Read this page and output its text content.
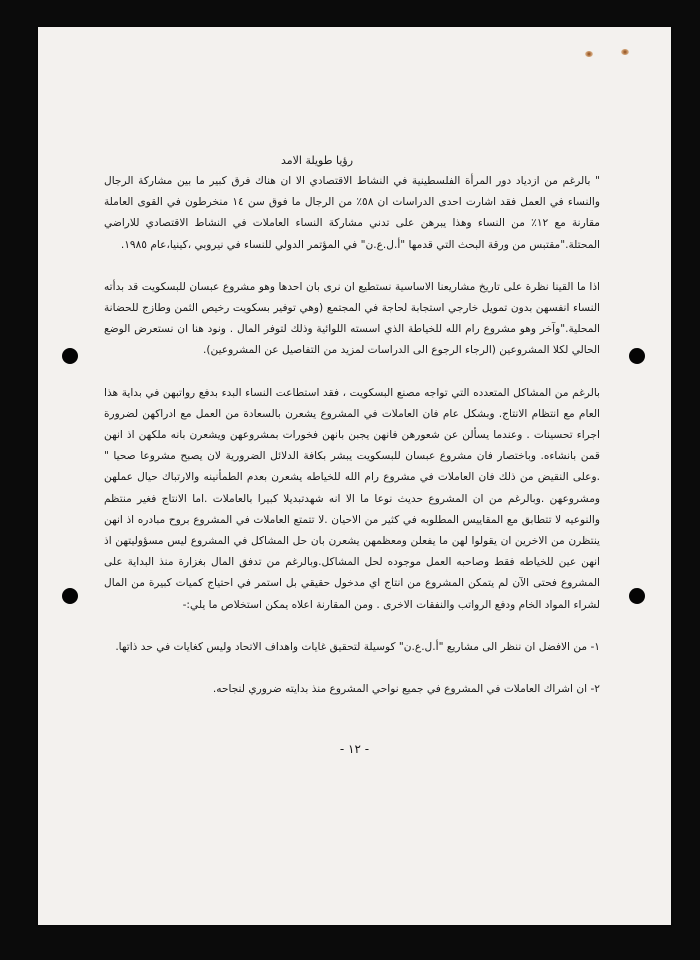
رؤيا طويلة الامد

" بالرغم من ازدياد دور المرأة الفلسطينية في النشاط الاقتصادي الا ان هناك فرق كبير ما بين مشاركة الرجال والنساء في العمل فقد اشارت احدى الدراسات ان ٥٨٪ من الرجال ما فوق سن ١٤ منخرطون في القوى العاملة مقارنة مع ١٢٪ من النساء وهذا يبرهن على تدني مشاركة النساء العاملات في النشاط الاقتصادي للاراضي المحتلة."مقتبس من ورقة البحث التي قدمها "أ.ل.ع.ن" في المؤتمر الدولي للنساء في نيروبي ،كينيا،عام ١٩٨٥.

اذا ما القينا نظرة على تاريخ مشاريعنا الاساسية نستطيع ان نرى بان احدها وهو مشروع عبسان للبسكويت قد بدأته النساء انفسهن بدون تمويل خارجي استجابة لحاجة في المجتمع (وهي توفير بسكويت رخيص الثمن وطازج للحضانة المحلية."وآخر وهو مشروع رام الله للخياطة الذي اسسته اللوائية وذلك لتوفر المال . ونود هنا ان نستعرض الوضع الحالي لكلا المشروعين (الرجاء الرجوع الى الدراسات لمزيد من التفاصيل عن المشروعين).

بالرغم من المشاكل المتعدده التي تواجه مصنع البسكويت ، فقد استطاعت النساء البدء بدفع رواتبهن في بداية هذا العام مع انتظام الانتاج. وبشكل عام فان العاملات في المشروع يشعرن بالسعادة من العمل مع ادراكهن لضرورة اجراء تحسينات . وعندما يسألن عن شعورهن فانهن يجبن بانهن فخورات بمشروعهن ويشعرن بانه ملكهن اذ انهن قمن بانشاءه. وباختصار فان مشروع عبسان للبسكويت يبشر بكافة الدلائل الضرورية لان يصبح مشروعا صحيا " .وعلى النقيض من ذلك فان العاملات في مشروع رام الله للخياطه يشعرن بعدم الطمأنينه والارتباك حيال عملهن ومشروعهن .وبالرغم من ان المشروع حديث نوعا ما الا انه شهدتبديلا كبيرا بالعاملات .اما الانتاج فغير منتظم والنوعيه لا تتطابق مع المقاييس المطلوبه في كثير من الاحيان .لا تتمتع العاملات في المشروع بروح مبادره اذ انهن ينتظرن من الاخرين ان يقولوا لهن ما يفعلن ومعظمهن يشعرن بان حل المشاكل في المشروع ليس مسؤوليتهن اذ انهن عين للخياطه فقط وصاحبه العمل موجوده لحل المشاكل.وبالرغم من تدفق المال بغزارة منذ البداية على المشروع فحتى الآن لم يتمكن المشروع من انتاج اي مدخول حقيقي بل استمر في احتياج كميات كبيرة من المال لشراء المواد الخام ودفع الرواتب والنفقات الاخرى . ومن المقارنة اعلاه يمكن استخلاص ما يلي:-

١- من الافضل ان ننظر الى مشاريع "أ.ل.ع.ن" كوسيلة لتحقيق غايات واهداف الاتحاد وليس كغايات في حد ذاتها.

٢- ان اشراك العاملات في المشروع في جميع نواحي المشروع منذ بدايته ضروري لنجاحه.

- ١٢ -
